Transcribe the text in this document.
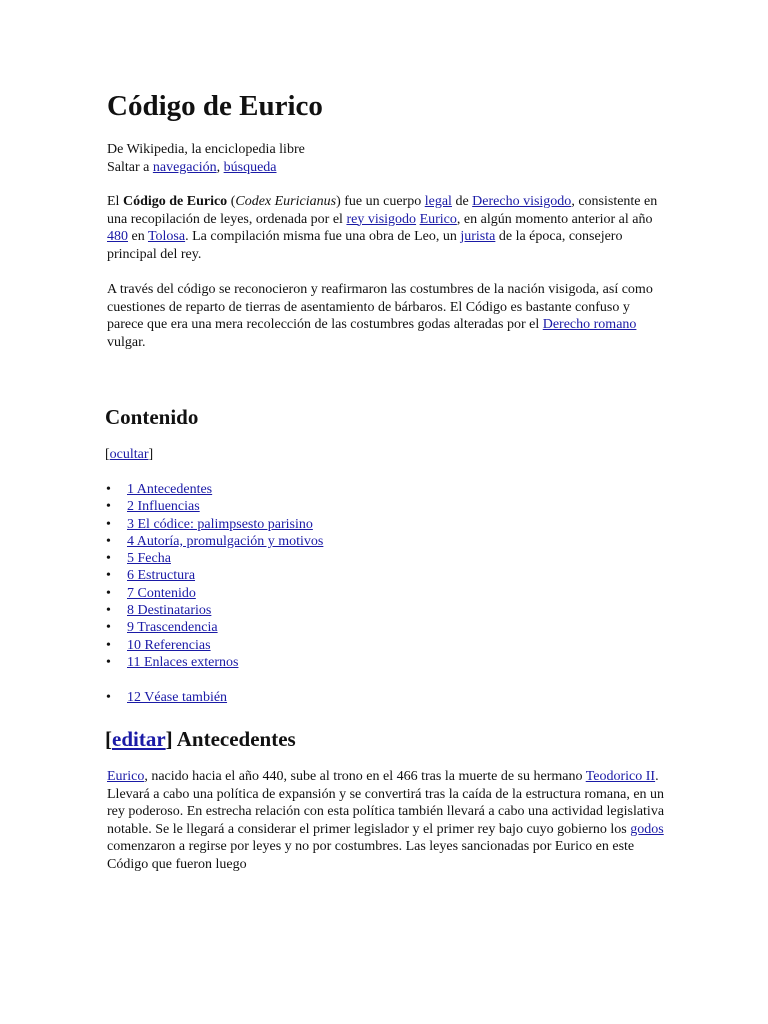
Código de Eurico
De Wikipedia, la enciclopedia libre
Saltar a navegación, búsqueda

El Código de Eurico (Codex Euricianus) fue un cuerpo legal de Derecho visigodo, consistente en una recopilación de leyes, ordenada por el rey visigodo Eurico, en algún momento anterior al año 480 en Tolosa. La compilación misma fue una obra de Leo, un jurista de la época, consejero principal del rey.

A través del código se reconocieron y reafirmaron las costumbres de la nación visigoda, así como cuestiones de reparto de tierras de asentamiento de bárbaros. El Código es bastante confuso y parece que era una mera recolección de las costumbres godas alteradas por el Derecho romano vulgar.

Contenido
[ocultar]
• 1 Antecedentes
• 2 Influencias
• 3 El códice: palimpsesto parisino
• 4 Autoría, promulgación y motivos
• 5 Fecha
• 6 Estructura
• 7 Contenido
• 8 Destinatarios
• 9 Trascendencia
• 10 Referencias
• 11 Enlaces externos
• 12 Véase también
[editar] Antecedentes

Eurico, nacido hacia el año 440, sube al trono en el 466 tras la muerte de su hermano Teodorico II. Llevará a cabo una política de expansión y se convertirá tras la caída de la estructura romana, en un rey poderoso. En estrecha relación con esta política también llevará a cabo una actividad legislativa notable. Se le llegará a considerar el primer legislador y el primer rey bajo cuyo gobierno los godos comenzaron a regirse por leyes y no por costumbres. Las leyes sancionadas por Eurico en este Código que fueron luego
